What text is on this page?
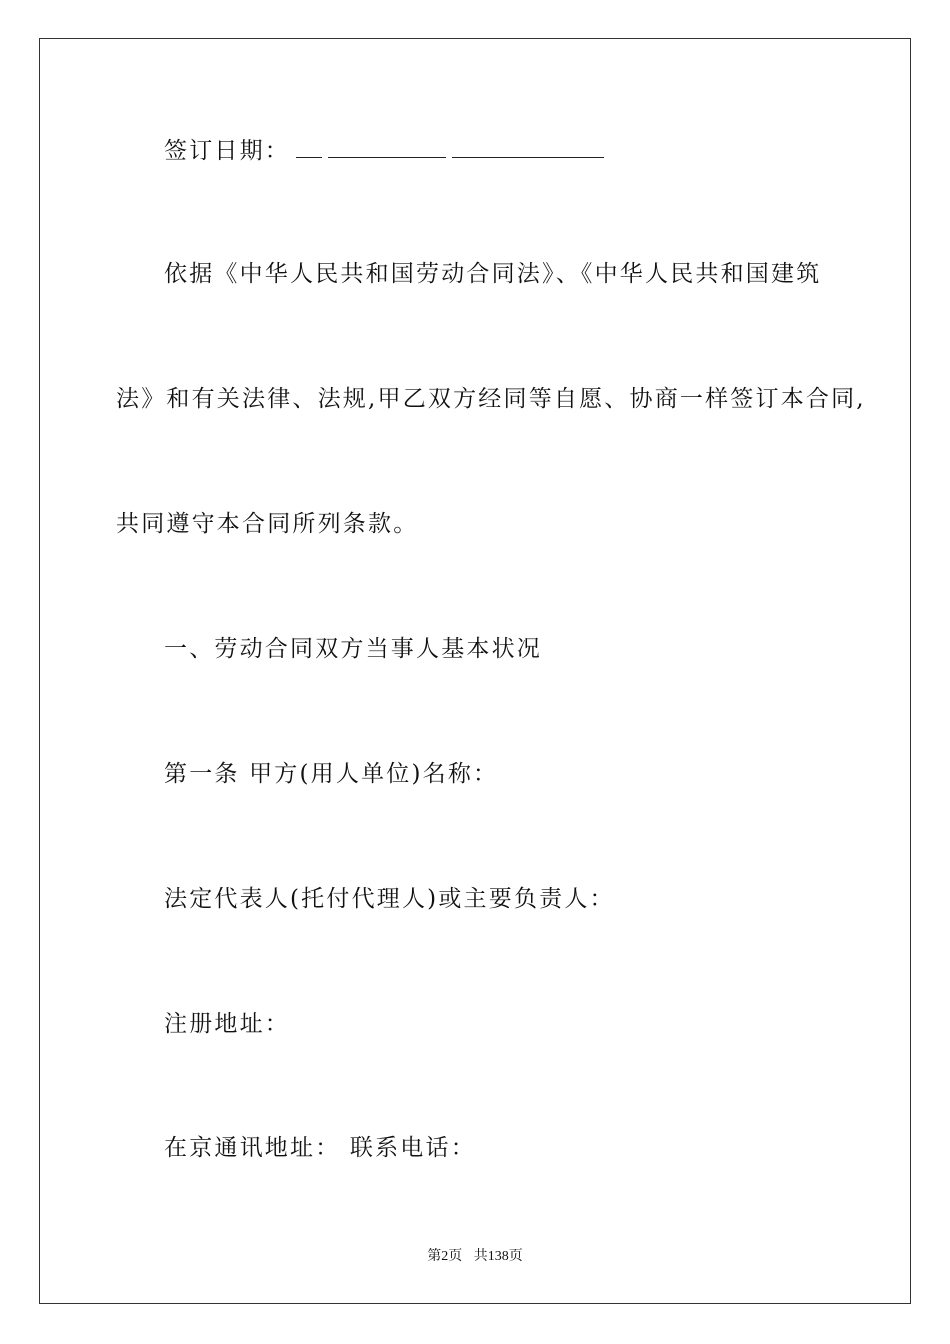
签订日期：
依据《中华人民共和国劳动合同法》、《中华人民共和国建筑
法》和有关法律、法规,甲乙双方经同等自愿、协商一样签订本合同,
共同遵守本合同所列条款。
一、劳动合同双方当事人基本状况
第一条 甲方(用人单位)名称：
法定代表人(托付代理人)或主要负责人：
注册地址：
在京通讯地址： 联系电话：
第2页 共138页
